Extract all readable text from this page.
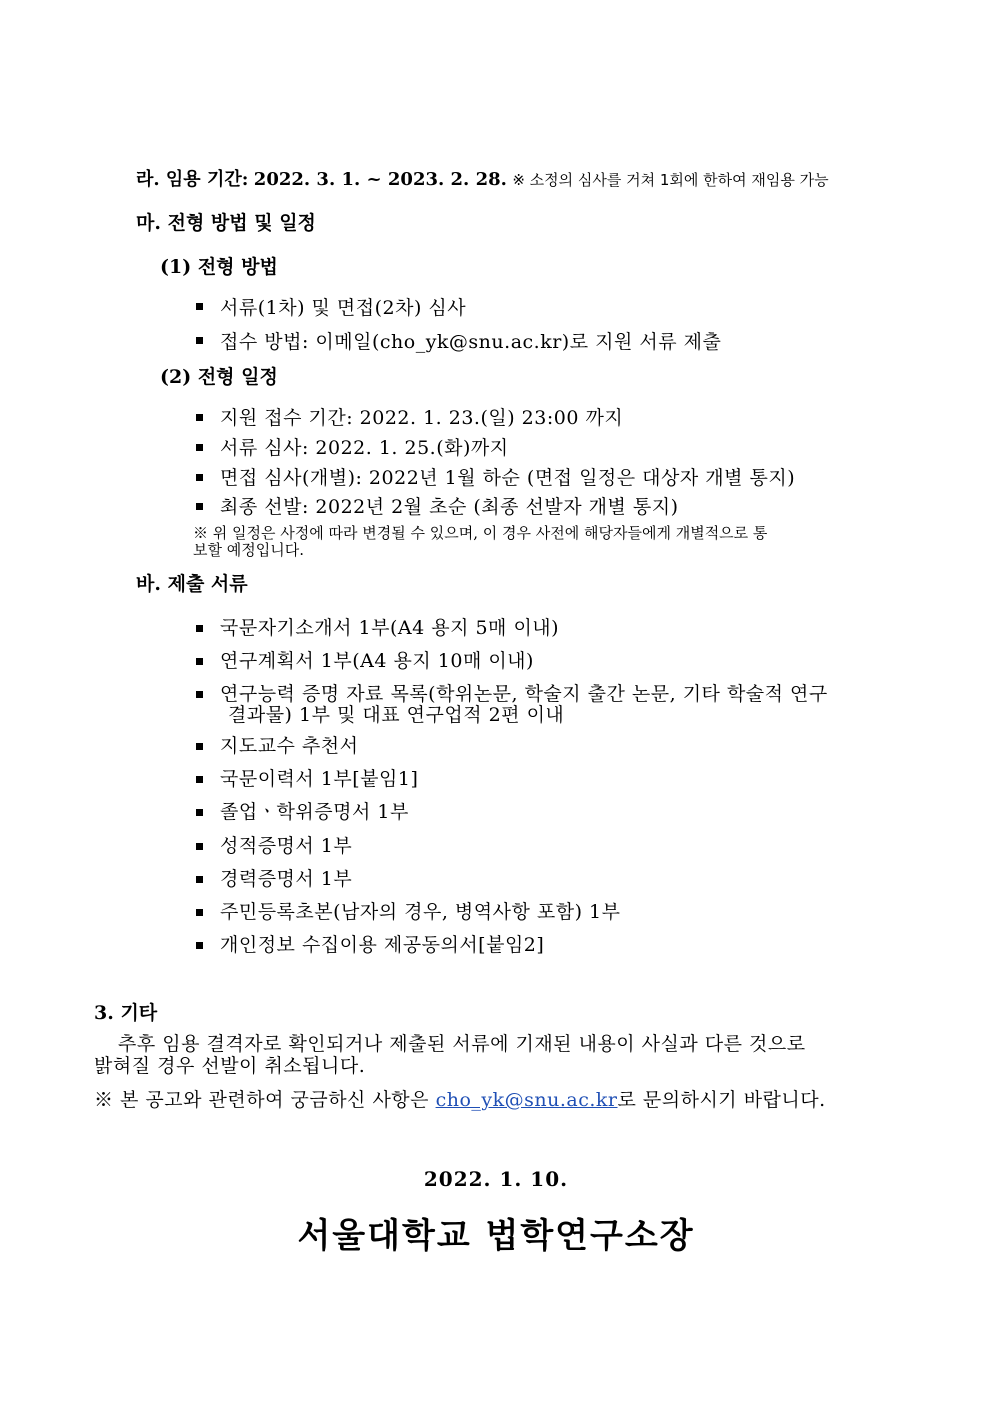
라. 임용 기간: 2022. 3. 1. ~ 2023. 2. 28. ※ 소정의 심사를 거쳐 1회에 한하여 재임용 가능
마. 전형 방법 및 일정
(1) 전형 방법
서류(1차) 및 면접(2차) 심사
접수 방법: 이메일(cho_yk@snu.ac.kr)로 지원 서류 제출
(2) 전형 일정
지원 접수 기간: 2022. 1. 23.(일) 23:00 까지
서류 심사: 2022. 1. 25.(화)까지
면접 심사(개별): 2022년 1월 하순 (면접 일정은 대상자 개별 통지)
최종 선발: 2022년 2월 초순 (최종 선발자 개별 통지)
※ 위 일정은 사정에 따라 변경될 수 있으며, 이 경우 사전에 해당자들에게 개별적으로 통
보할 예정입니다.
바. 제출 서류
국문자기소개서 1부(A4 용지 5매 이내)
연구계획서 1부(A4 용지 10매 이내)
연구능력 증명 자료 목록(학위논문, 학술지 출간 논문, 기타 학술적 연구
결과물) 1부 및 대표 연구업적 2편 이내
지도교수 추천서
국문이력서 1부[붙임1]
졸업ㆍ학위증명서 1부
성적증명서 1부
경력증명서 1부
주민등록초본(남자의 경우, 병역사항 포함) 1부
개인정보 수집이용 제공동의서[붙임2]
3. 기타
추후 임용 결격자로 확인되거나 제출된 서류에 기재된 내용이 사실과 다른 것으로
밝혀질 경우 선발이 취소됩니다.
※ 본 공고와 관련하여 궁금하신 사항은 cho_yk@snu.ac.kr로 문의하시기 바랍니다.
2022. 1. 10.
서울대학교 법학연구소장
